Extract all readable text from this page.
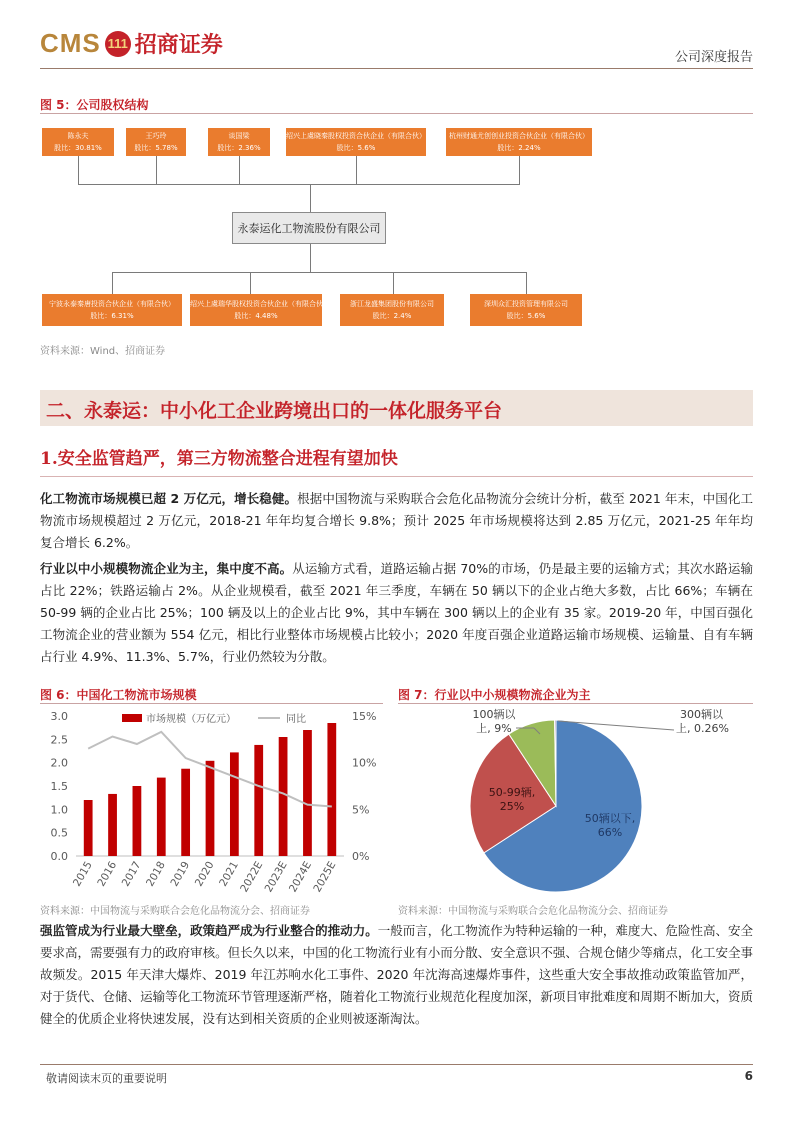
CMS 111 招商证券	公司深度报告
图 5：公司股权结构
陈永夫
股比：30.81%
王巧玲
股比：5.78%
谈国梁
股比：2.36%
绍兴上虞晓秦股权投资合伙企业（有限合伙）
股比：5.6%
杭州财通尤创创业投资合伙企业（有限合伙）
股比：2.24%
永泰运化工物流股份有限公司
宁波永泰秦唐投资合伙企业（有限合伙）
股比：6.31%
绍兴上虞瑞华股权投资合伙企业（有限合伙）
股比：4.48%
浙江龙盛集团股份有限公司
股比：2.4%
深圳众汇投资管理有限公司
股比：5.6%
资料来源：Wind、招商证券
二、永泰运：中小化工企业跨境出口的一体化服务平台
1.安全监管趋严，第三方物流整合进程有望加快
化工物流市场规模已超 2 万亿元，增长稳健。根据中国物流与采购联合会危化品物流分会统计分析，截至 2021 年末，中国化工物流市场规模超过 2 万亿元，2018-21 年年均复合增长 9.8%；预计 2025 年市场规模将达到 2.85 万亿元，2021-25 年年均复合增长 6.2%。
行业以中小规模物流企业为主，集中度不高。从运输方式看，道路运输占据 70%的市场，仍是最主要的运输方式；其次水路运输占比 22%；铁路运输占 2%。从企业规模看，截至 2021 年三季度，车辆在 50 辆以下的企业占绝大多数，占比 66%；车辆在 50-99 辆的企业占比 25%；100 辆及以上的企业占比 9%，其中车辆在 300 辆以上的企业有 35 家。2019-20 年，中国百强化工物流企业的营业额为 554 亿元，相比行业整体市场规模占比较小；2020 年度百强企业道路运输市场规模、运输量、自有车辆占行业 4.9%、11.3%、5.7%，行业仍然较为分散。
图 6：中国化工物流市场规模	图 7：行业以中小规模物流企业为主
0.0
0.5
1.0
1.5
2.0
2.5
3.0
0%
5%
10%
15%
2015 2016 2017 2018 2019 2020 2021
2022E
2023E
2024E
2025E
市场规模（万亿元）	同比
50辆以下,
66%
50-99辆,
25%
100辆以
上, 9%
300辆以
上, 0.26%
资料来源：中国物流与采购联合会危化品物流分会、招商证券	资料来源：中国物流与采购联合会危化品物流分会、招商证券
强监管成为行业最大壁垒，政策趋严成为行业整合的推动力。一般而言，化工物流作为特种运输的一种，难度大、危险性高、安全要求高，需要强有力的政府审核。但长久以来，中国的化工物流行业有小而分散、安全意识不强、合规仓储少等痛点，化工安全事故频发。2015 年天津大爆炸、2019 年江苏响水化工事件、2020 年沈海高速爆炸事件，这些重大安全事故推动政策监管加严，对于货代、仓储、运输等化工物流环节管理逐渐严格，随着化工物流行业规范化程度加深，新项目审批难度和周期不断加大，资质健全的优质企业将快速发展，没有达到相关资质的企业则被逐渐淘汰。
敬请阅读末页的重要说明	6
